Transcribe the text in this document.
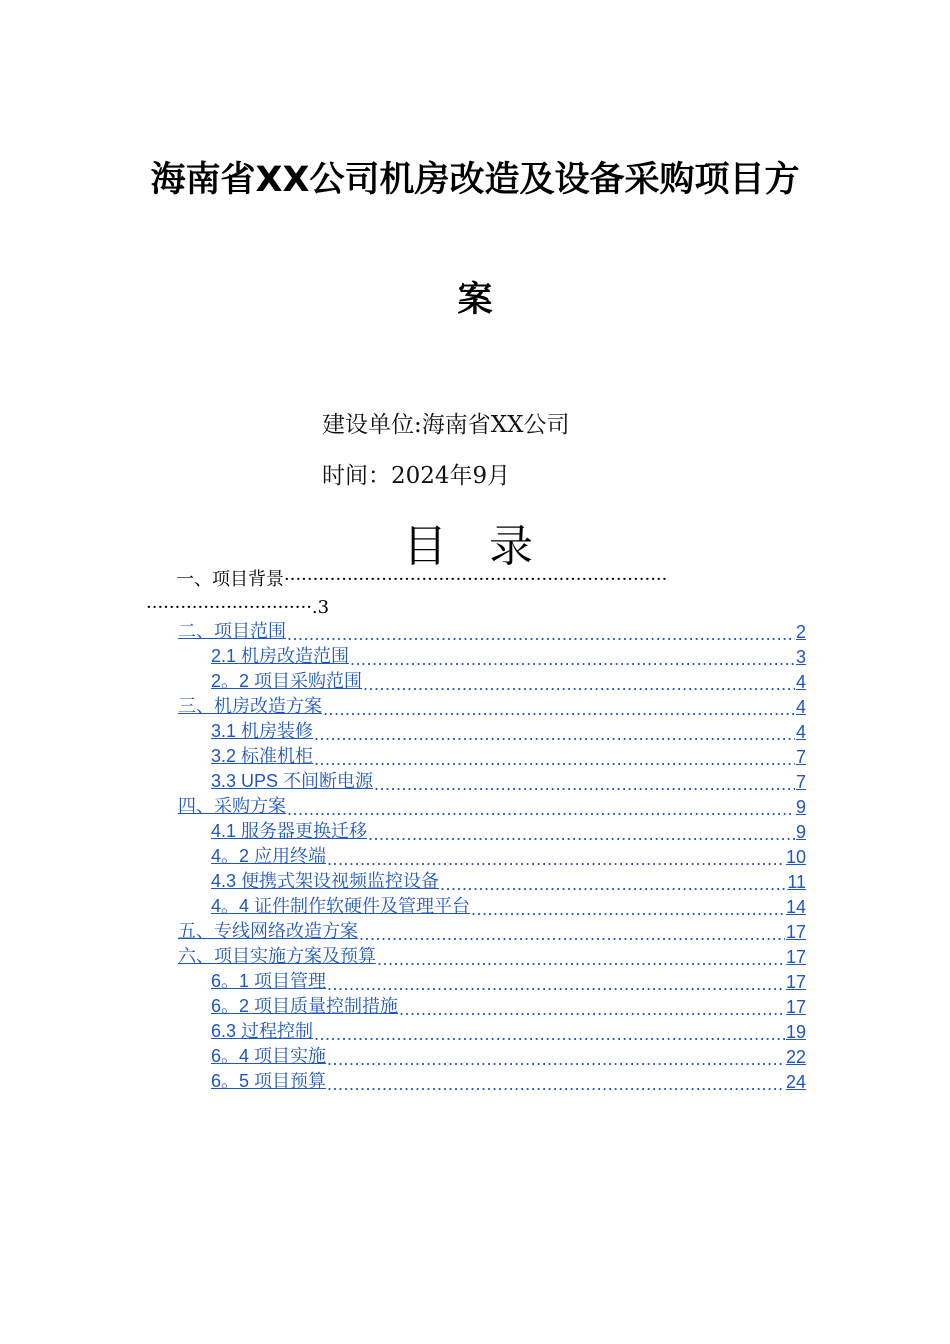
海南省XX公司机房改造及设备采购项目方
案
建设单位:海南省XX公司
时间：2024年9月
目 录
一、项目背景···································································
·····························.3
二、项目范围 .....	2
2.1 机房改造范围 .....	3
2。2 项目采购范围 .....	4
三、机房改造方案 .....	4
3.1 机房装修 .....	4
3.2 标准机柜 .....	7
3.3 UPS 不间断电源 .....	7
四、采购方案 .....	9
4.1 服务器更换迁移 .....	9
4。2 应用终端 .....	10
4.3 便携式架设视频监控设备 .....	11
4。4 证件制作软硬件及管理平台 .....	14
五、专线网络改造方案 .....	17
六、项目实施方案及预算 .....	17
6。1 项目管理 .....	17
6。2 项目质量控制措施 .....	17
6.3 过程控制 .....	19
6。4 项目实施 .....	22
6。5 项目预算 .....	24
